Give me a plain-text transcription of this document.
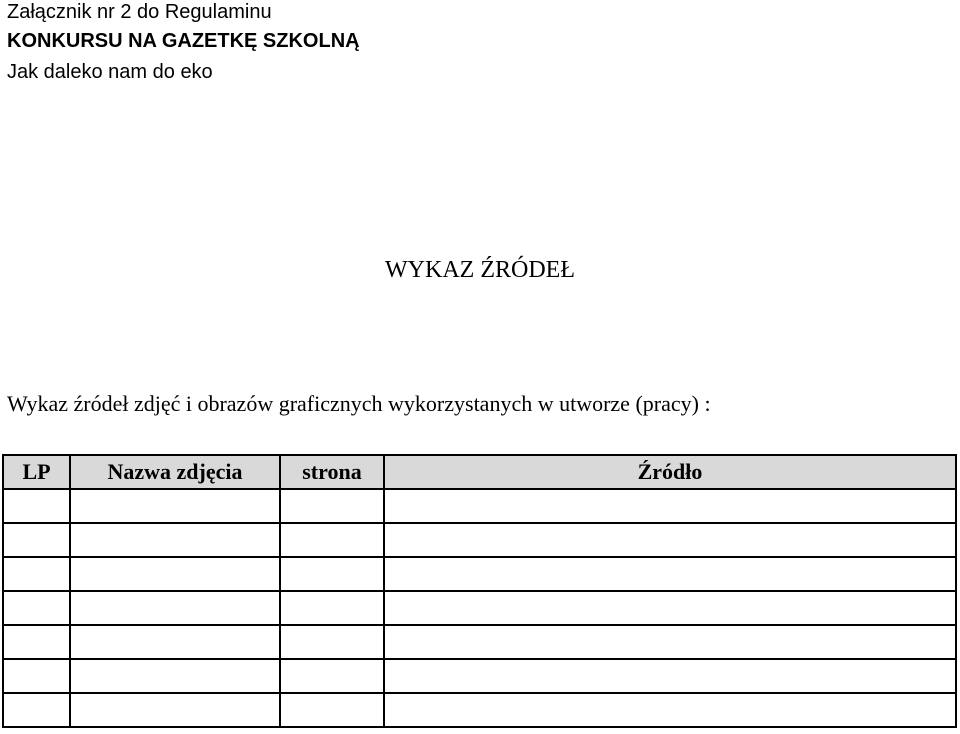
Załącznik nr 2 do Regulaminu
KONKURSU NA GAZETKĘ SZKOLNĄ
Jak daleko nam do eko
WYKAZ ŹRÓDEŁ
Wykaz źródeł zdjęć i obrazów graficznych wykorzystanych w utworze (pracy) :
LP	Nazwa zdjęcia	strona	Źródło
